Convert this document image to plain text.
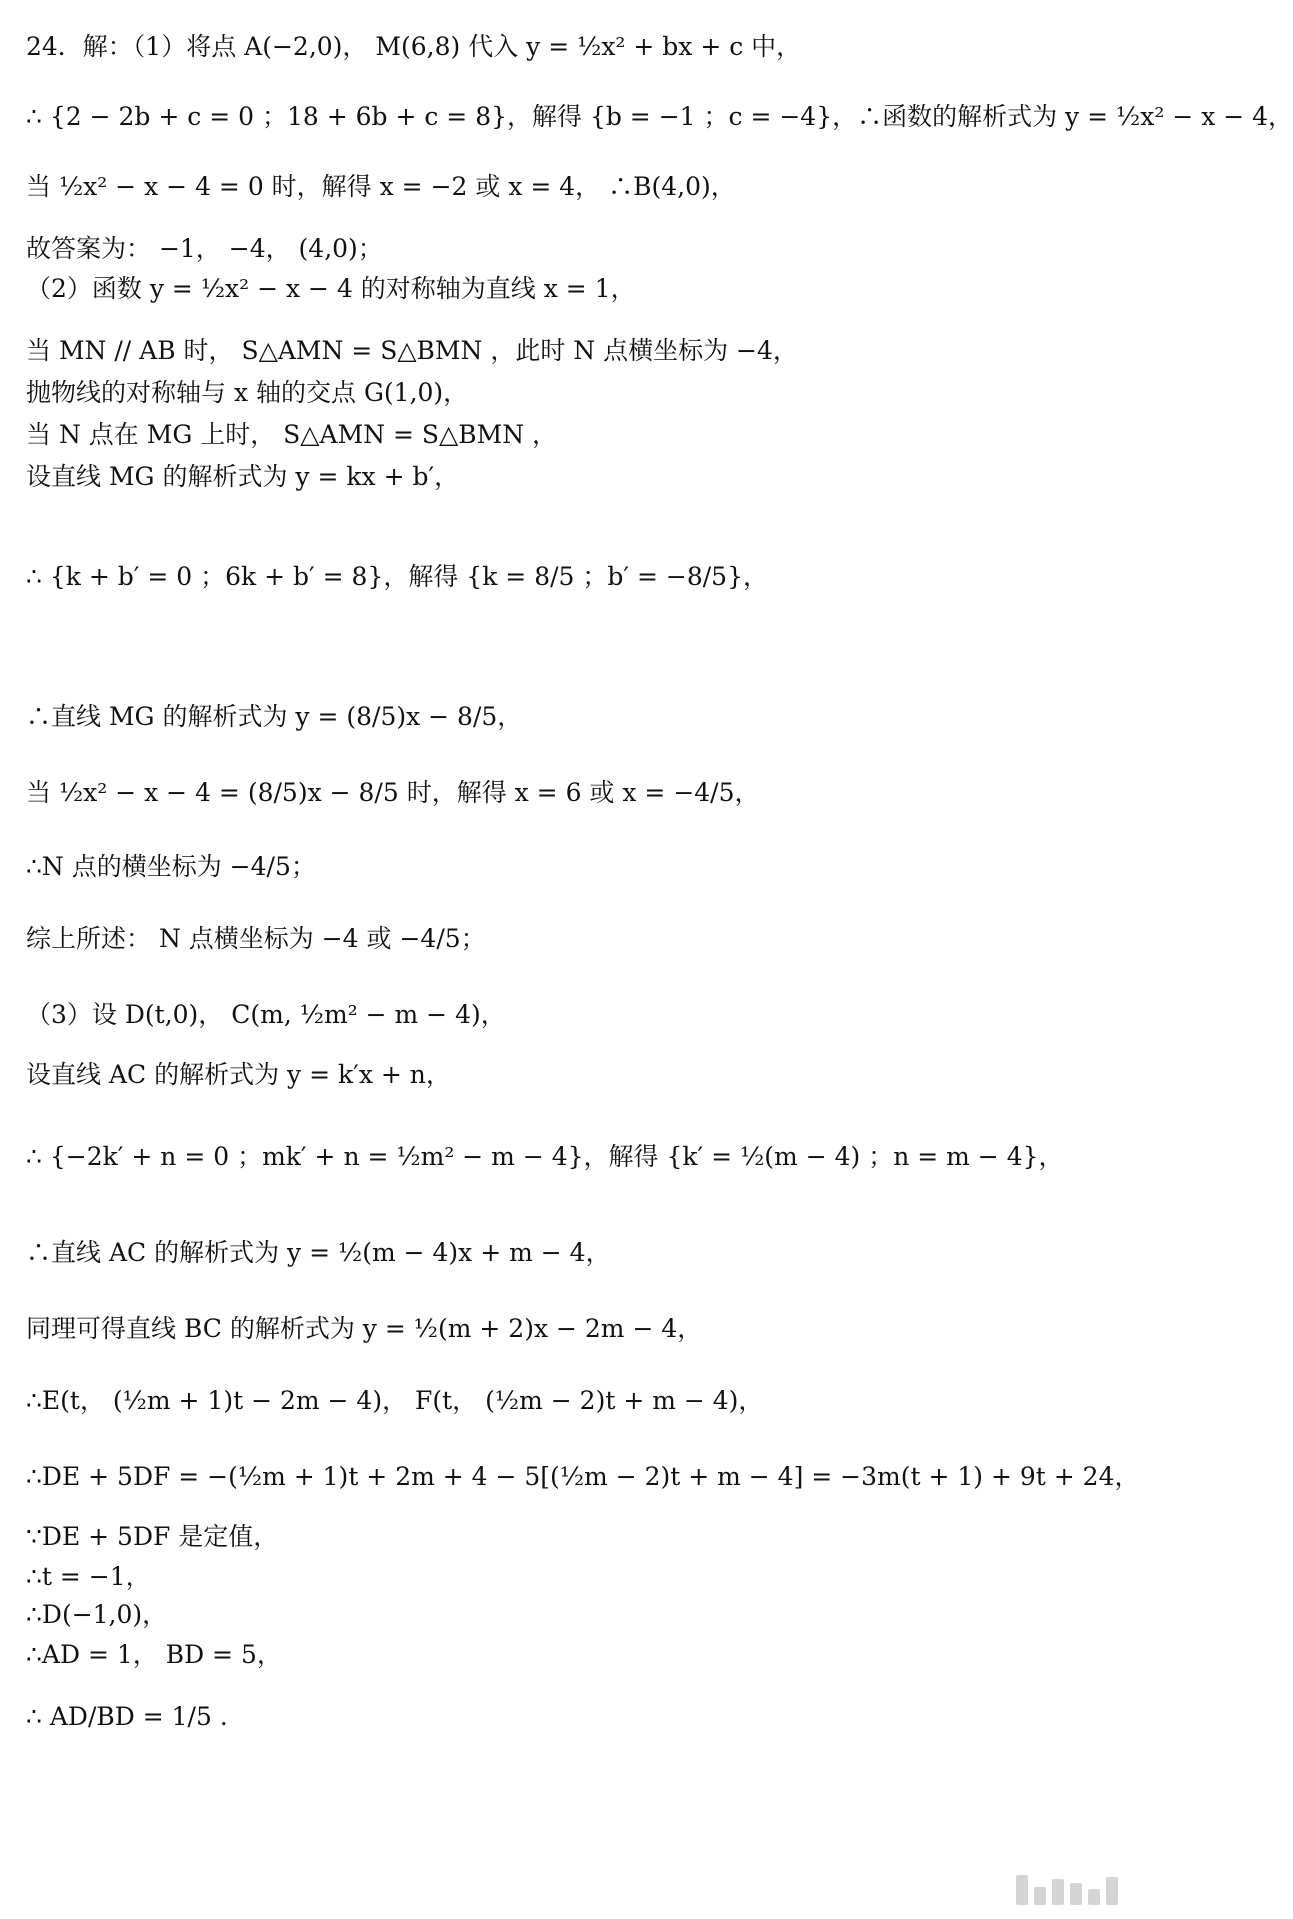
24．解：（1）将点 A(−2,0)， M(6,8) 代入 y = ½x² + bx + c 中，
∴ {2 − 2b + c = 0 ；18 + 6b + c = 8}，解得 {b = −1 ；c = −4}，∴函数的解析式为 y = ½x² − x − 4，
当 ½x² − x − 4 = 0 时，解得 x = −2 或 x = 4， ∴B(4,0)，
故答案为： −1， −4， (4,0)；
（2）函数 y = ½x² − x − 4 的对称轴为直线 x = 1，
当 MN // AB 时， S△AMN = S△BMN ，此时 N 点横坐标为 −4，
抛物线的对称轴与 x 轴的交点 G(1,0)，
当 N 点在 MG 上时， S△AMN = S△BMN ，
设直线 MG 的解析式为 y = kx + b′，
∴ {k + b′ = 0 ；6k + b′ = 8}，解得 {k = 8/5 ；b′ = −8/5}，
∴直线 MG 的解析式为 y = (8/5)x − 8/5，
当 ½x² − x − 4 = (8/5)x − 8/5 时，解得 x = 6 或 x = −4/5，
∴N 点的横坐标为 −4/5；
综上所述： N 点横坐标为 −4 或 −4/5；
（3）设 D(t,0)， C(m, ½m² − m − 4)，
设直线 AC 的解析式为 y = k′x + n，
∴ {−2k′ + n = 0 ；mk′ + n = ½m² − m − 4}，解得 {k′ = ½(m − 4) ；n = m − 4}，
∴直线 AC 的解析式为 y = ½(m − 4)x + m − 4，
同理可得直线 BC 的解析式为 y = ½(m + 2)x − 2m − 4，
∴E(t， (½m + 1)t − 2m − 4)， F(t， (½m − 2)t + m − 4)，
∴DE + 5DF = −(½m + 1)t + 2m + 4 − 5[(½m − 2)t + m − 4] = −3m(t + 1) + 9t + 24，
∵DE + 5DF 是定值，
∴t = −1，
∴D(−1,0)，
∴AD = 1， BD = 5，
∴ AD/BD = 1/5 .
